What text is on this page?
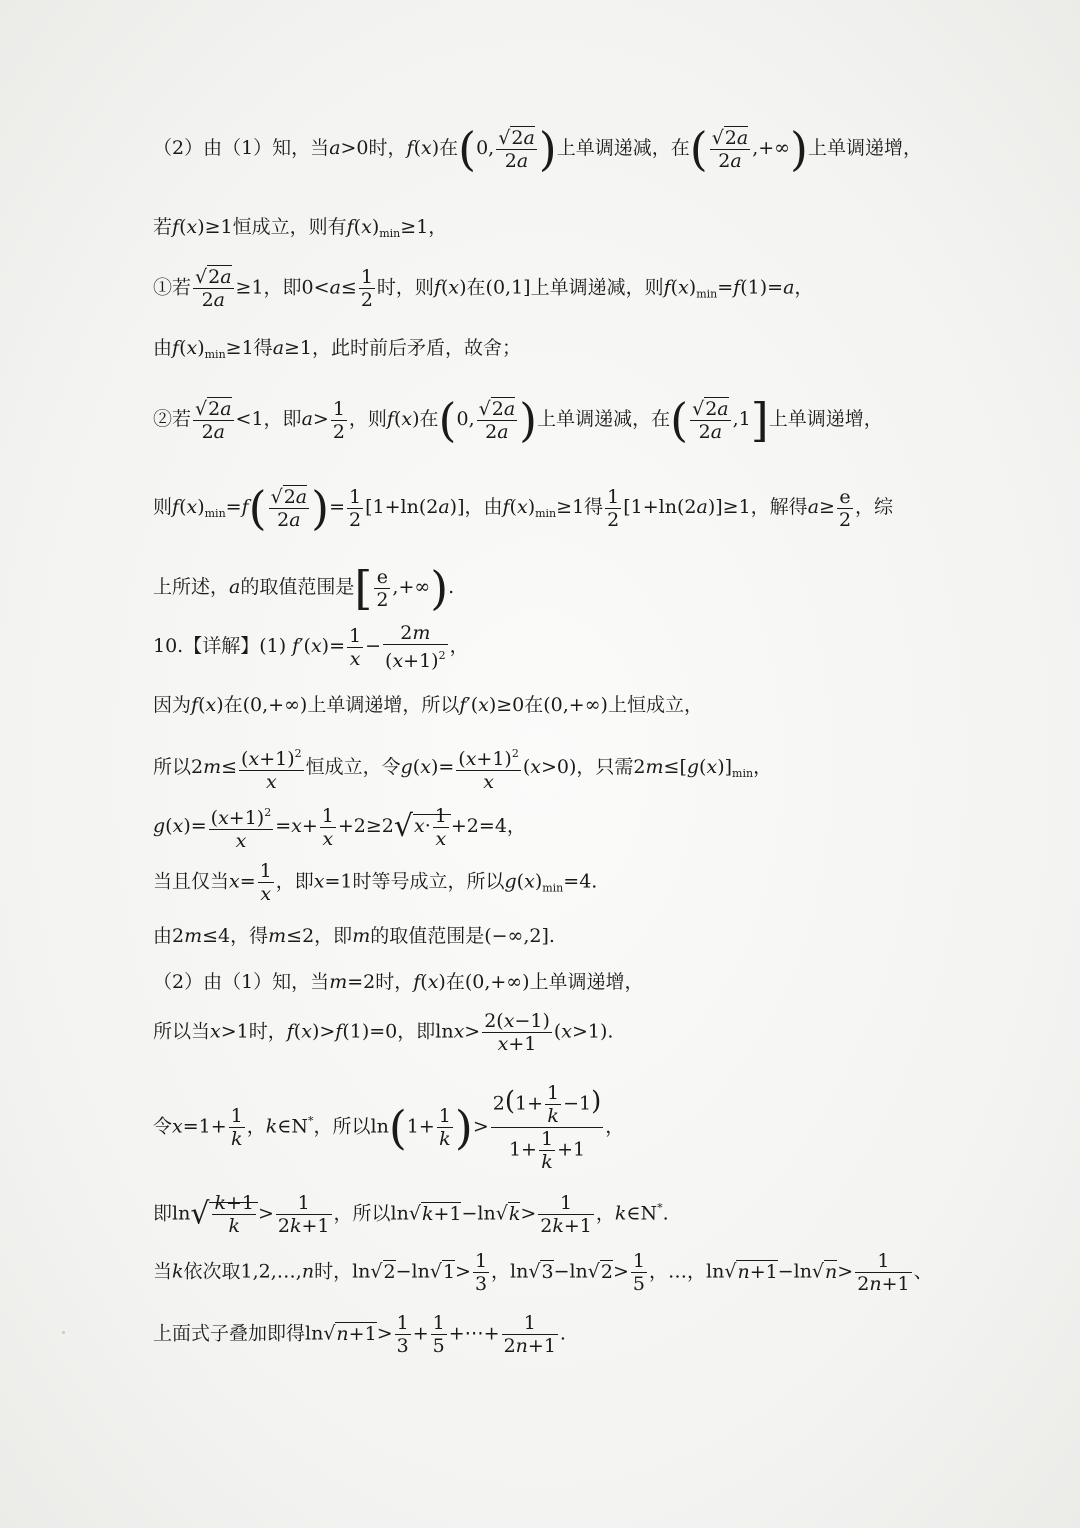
（2）由（1）知，当a>0时，f(x)在(0, $\frac{√2a}{2a}$ )上单调递减，在( $\frac{√2a}{2a}$ ,+∞)上单调递增，
若f(x)≥1恒成立，则有$f(x)_{min}\ge 1$，
①若 $\frac{√2a}{2a} \ge 1$，即$0<a\le \frac{1}{2}$ 时，则f(x)在(0,1]上单调递减，则$f(x)_{min}=f(1)=a$，
由$f(x)_{min}\ge 1$得a≥1，此时前后矛盾，故舍；
②若 $\frac{√2a}{2a} <1$，即$a> \frac{1}{2}$ ，则f(x)在(0, $\frac{√2a}{2a}$ )上单调递减，在( $\frac{√2a}{2a} ,1$]上单调递增，
则$f(x)_{min}=f( \frac{√2a}{2a}$ )= $\frac{1}{2} [1+\ln(2a)]$，由$f(x)_{min}\ge 1$得 $\frac{1}{2} [1+\ln(2a)]\ge 1$，解得$a\ge \frac{e}{2}$ ，综
上所述，a的取值范围是[ $\frac{e}{2}$ ,+∞).
10.【详解】(1) $f'(x)= \frac{1}{x} - \frac{2m}{(x+1)^2}$ ，
因为f(x)在(0,+∞)上单调递增，所以f′(x)≥0在(0,+∞)上恒成立，
所以$2m\le \frac{(x+1)^2}{x}$ 恒成立，令$g(x)= \frac{(x+1)^2}{x} (x>0)$，只需$2m\le[g(x)]_{min}$，
$g(x)= \frac{(x+1)^2}{x} =x+ \frac{1}{x} +2\ge 2√x\cdot \frac{1}{x} +2=4$，
当且仅当$x= \frac{1}{x}$ ，即x=1时等号成立，所以$g(x)_{min}=4$.
由2m≤4，得m≤2，即m的取值范围是(−∞,2].
（2）由（1）知，当m=2时，f(x)在(0,+∞)上单调递增，
所以当x>1时，f(x)>f(1)=0，即$\ln x> \frac{2(x-1)}{x+1} (x>1)$.
令$x=1+ \frac{1}{k}$ ，k∈N*，所以$\ln(1+ \frac{1}{k}$ )> $\frac{2(1+ \frac{1}{k} -1)}{1+ \frac{1}{k} +1}$ ，
即$\ln√ \frac{k+1}{k} > \frac{1}{2k+1}$ ，所以$\ln√k+1-\ln√k> \frac{1}{2k+1}$ ，k∈N*.
当k依次取1,2,…,n时，$\ln√2-\ln√1> \frac{1}{3}$ ，$\ln√3-\ln√2> \frac{1}{5}$ ，…，$\ln√n+1-\ln√n> \frac{1}{2n+1}$ 、
上面式子叠加即得$\ln√n+1> \frac{1}{3} + \frac{1}{5}$ +⋯+ $\frac{1}{2n+1}$ .
